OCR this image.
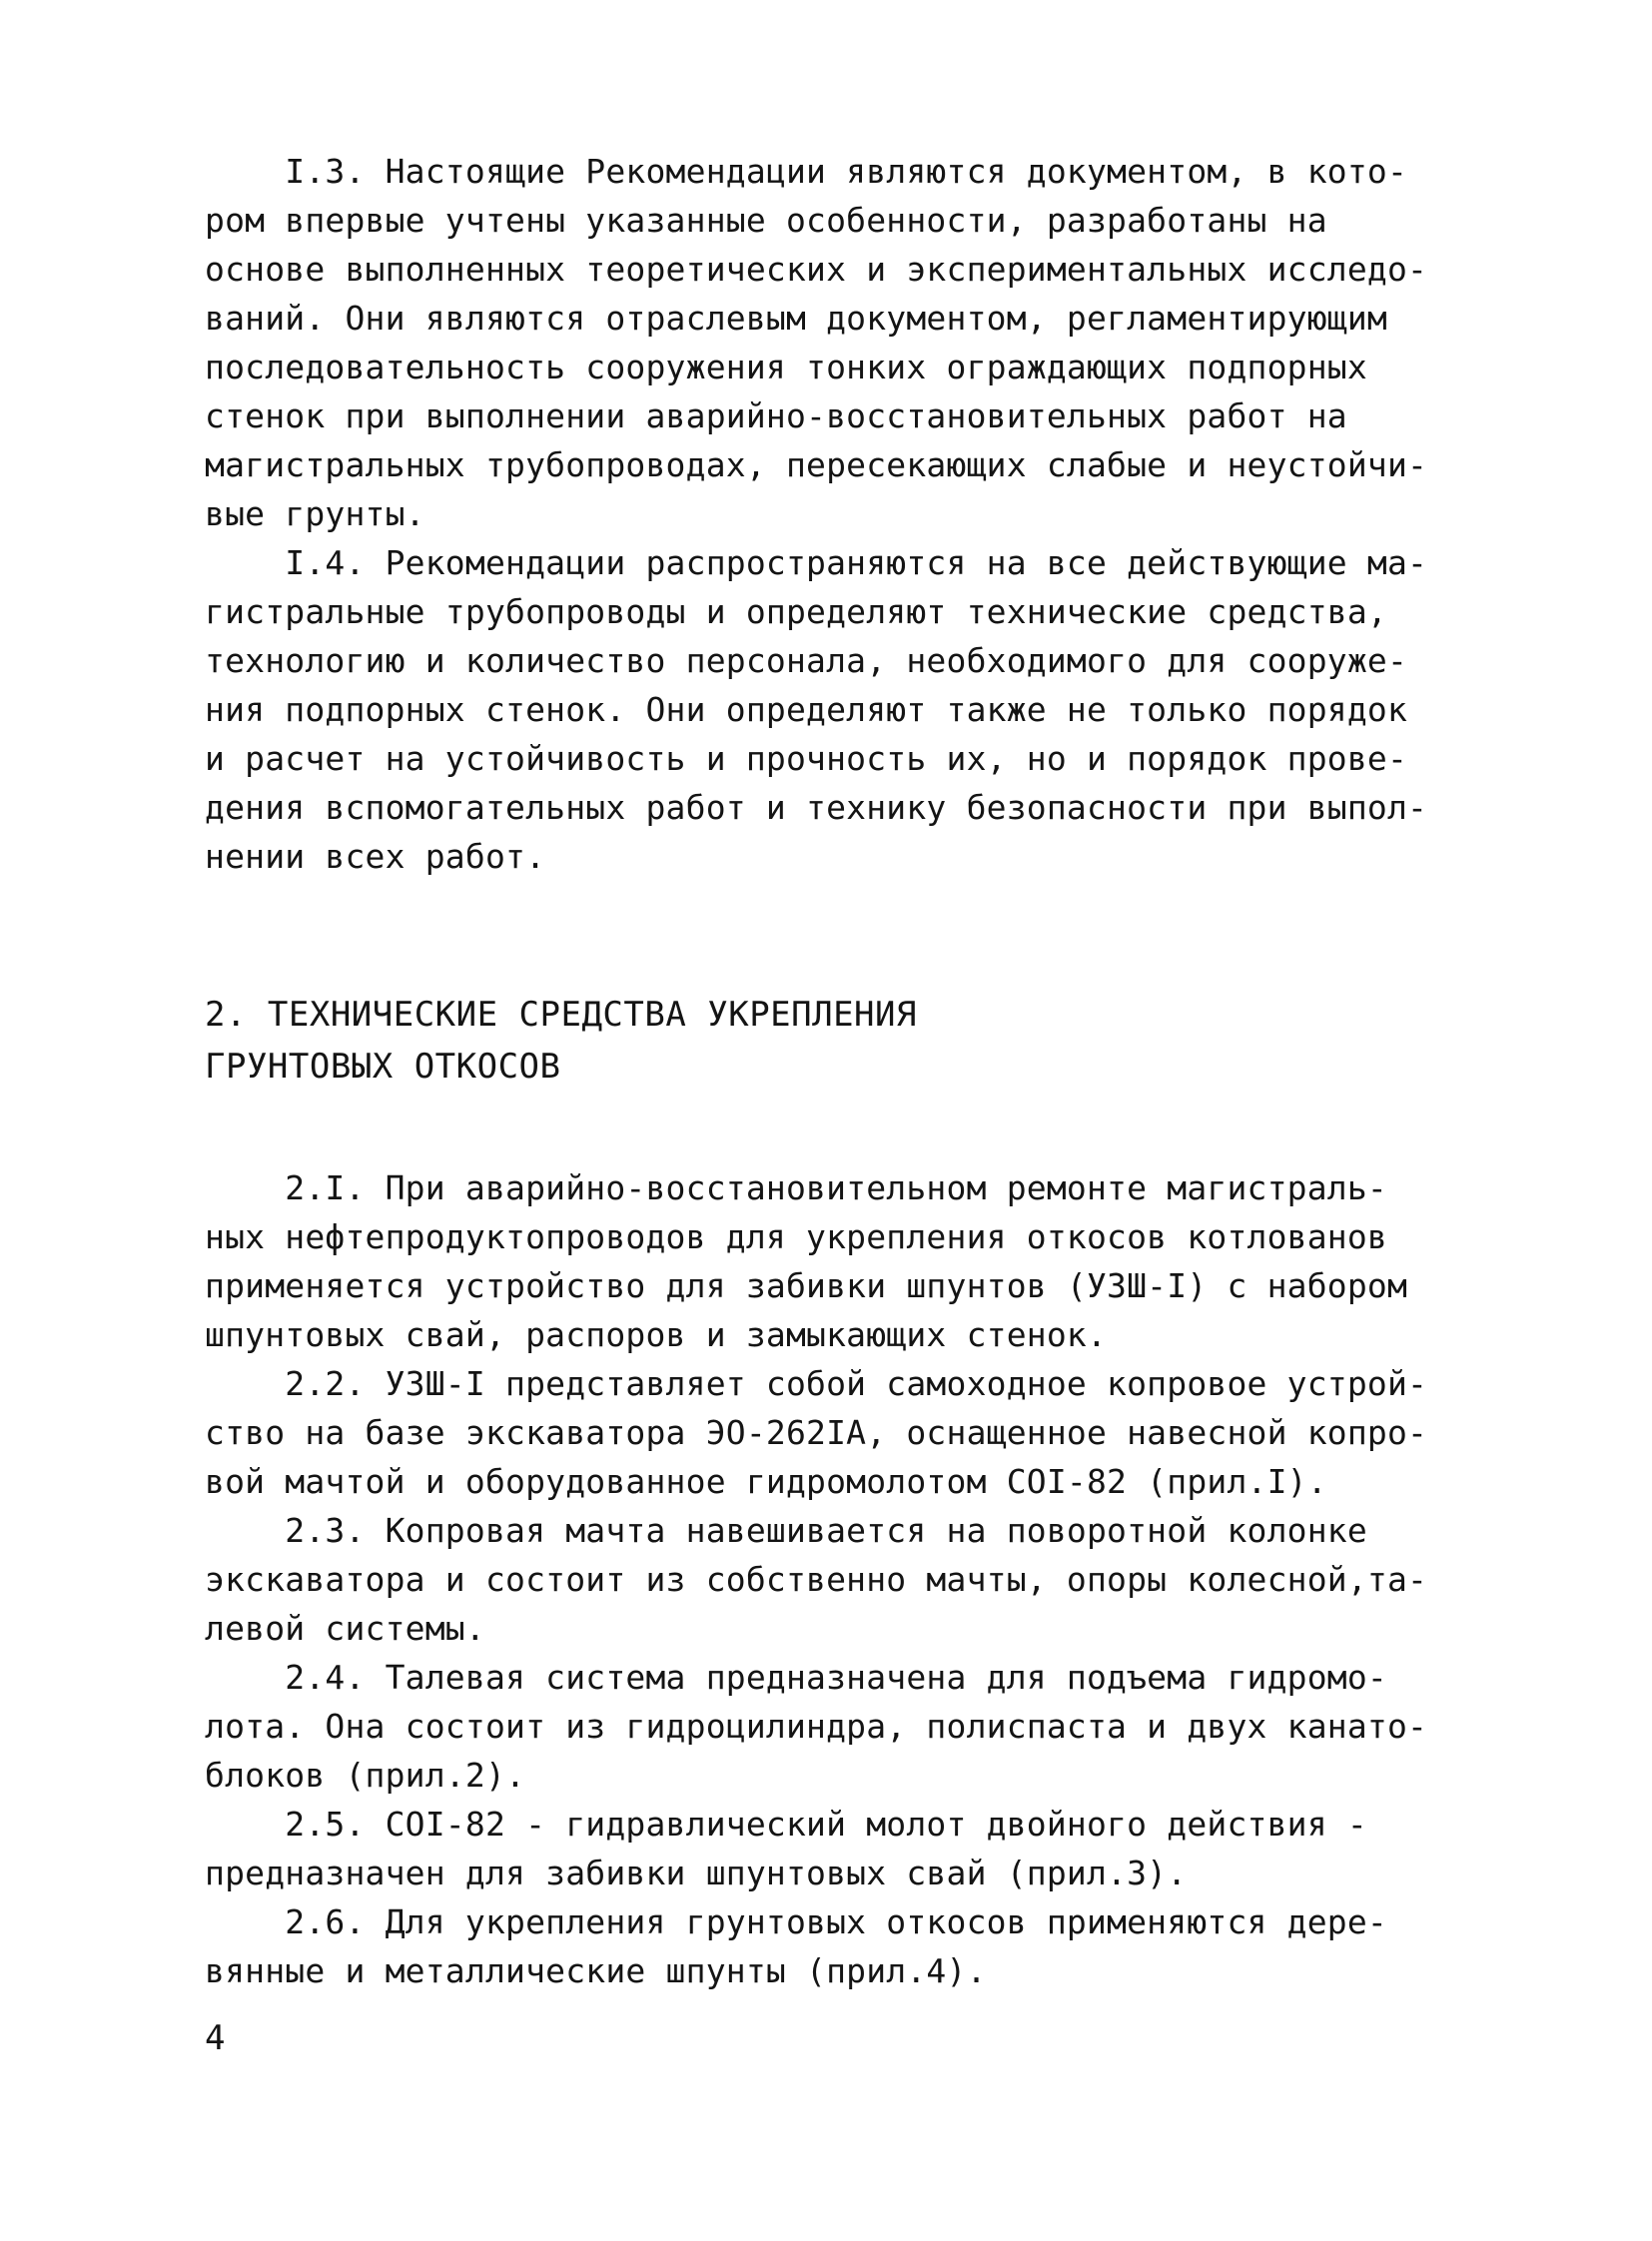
I.3. Настоящие Рекомендации являются документом, в кото-
ром впервые учтены указанные особенности, разработаны на
основе выполненных теоретических и экспериментальных исследо-
ваний. Они являются отраслевым документом, регламентирующим
последовательность сооружения тонких ограждающих подпорных
стенок при выполнении аварийно-восстановительных работ на
магистральных трубопроводах, пересекающих слабые и неустойчи-
вые грунты.
I.4. Рекомендации распространяются на все действующие ма-
гистральные трубопроводы и определяют технические средства,
технологию и количество персонала, необходимого для сооруже-
ния подпорных стенок. Они определяют также не только порядок
и расчет на устойчивость и прочность их, но и порядок прове-
дения вспомогательных работ и технику безопасности при выпол-
нении всех работ.
2. ТЕХНИЧЕСКИЕ СРЕДСТВА УКРЕПЛЕНИЯ
ГРУНТОВЫХ ОТКОСОВ
2.I. При аварийно-восстановительном ремонте магистраль-
ных нефтепродуктопроводов для укрепления откосов котлованов
применяется устройство для забивки шпунтов (УЗШ-I) с набором
шпунтовых свай, распоров и замыкающих стенок.
2.2. УЗШ-I представляет собой самоходное копровое устрой-
ство на базе экскаватора ЭО-262IA, оснащенное навесной копро-
вой мачтой и оборудованное гидромолотом СОI-82 (прил.I).
2.3. Копровая мачта навешивается на поворотной колонке
экскаватора и состоит из собственно мачты, опоры колесной,та-
левой системы.
2.4. Талевая система предназначена для подъема гидромо-
лота. Она состоит из гидроцилиндра, полиспаста и двух канато-
блоков (прил.2).
2.5. СОI-82 - гидравлический молот двойного действия -
предназначен для забивки шпунтовых свай (прил.3).
2.6. Для укрепления грунтовых откосов применяются дере-
вянные и металлические шпунты (прил.4).
4
